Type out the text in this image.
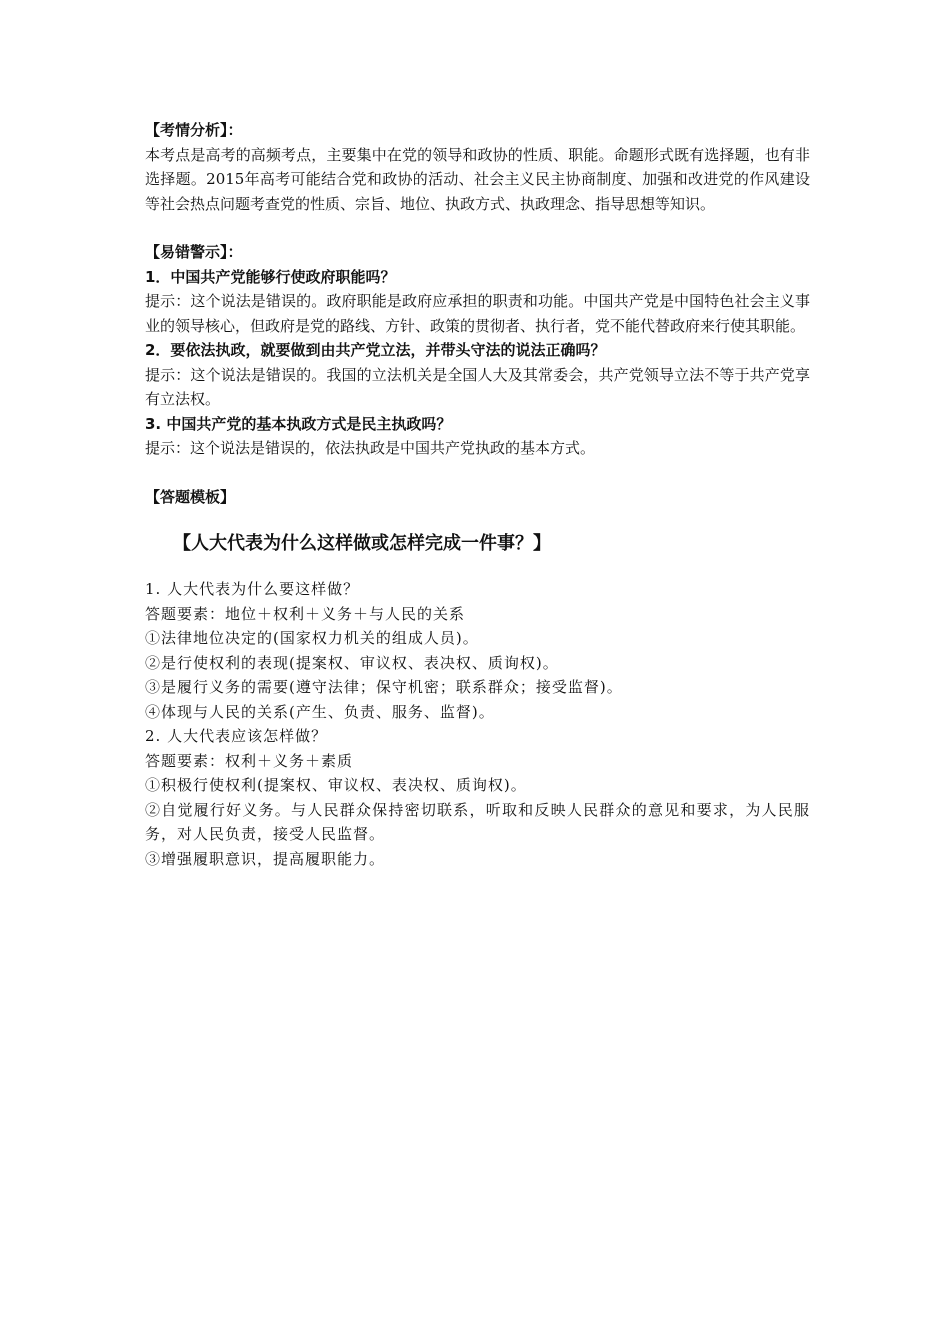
【考情分析】：
本考点是高考的高频考点，主要集中在党的领导和政协的性质、职能。命题形式既有选择题，也有非选择题。2015年高考可能结合党和政协的活动、社会主义民主协商制度、加强和改进党的作风建设等社会热点问题考查党的性质、宗旨、地位、执政方式、执政理念、指导思想等知识。
【易错警示】：
1．中国共产党能够行使政府职能吗？
提示：这个说法是错误的。政府职能是政府应承担的职责和功能。中国共产党是中国特色社会主义事业的领导核心，但政府是党的路线、方针、政策的贯彻者、执行者，党不能代替政府来行使其职能。
2．要依法执政，就要做到由共产党立法，并带头守法的说法正确吗？
提示：这个说法是错误的。我国的立法机关是全国人大及其常委会，共产党领导立法不等于共产党享有立法权。
3. 中国共产党的基本执政方式是民主执政吗？
提示：这个说法是错误的，依法执政是中国共产党执政的基本方式。
【答题模板】
【人大代表为什么这样做或怎样完成一件事？】
1. 人大代表为什么要这样做？
答题要素：地位＋权利＋义务＋与人民的关系
①法律地位决定的(国家权力机关的组成人员)。
②是行使权利的表现(提案权、审议权、表决权、质询权)。
③是履行义务的需要(遵守法律；保守机密；联系群众；接受监督)。
④体现与人民的关系(产生、负责、服务、监督)。
2. 人大代表应该怎样做？
答题要素：权利＋义务＋素质
①积极行使权利(提案权、审议权、表决权、质询权)。
②自觉履行好义务。与人民群众保持密切联系，听取和反映人民群众的意见和要求，为人民服务，对人民负责，接受人民监督。
③增强履职意识，提高履职能力。
